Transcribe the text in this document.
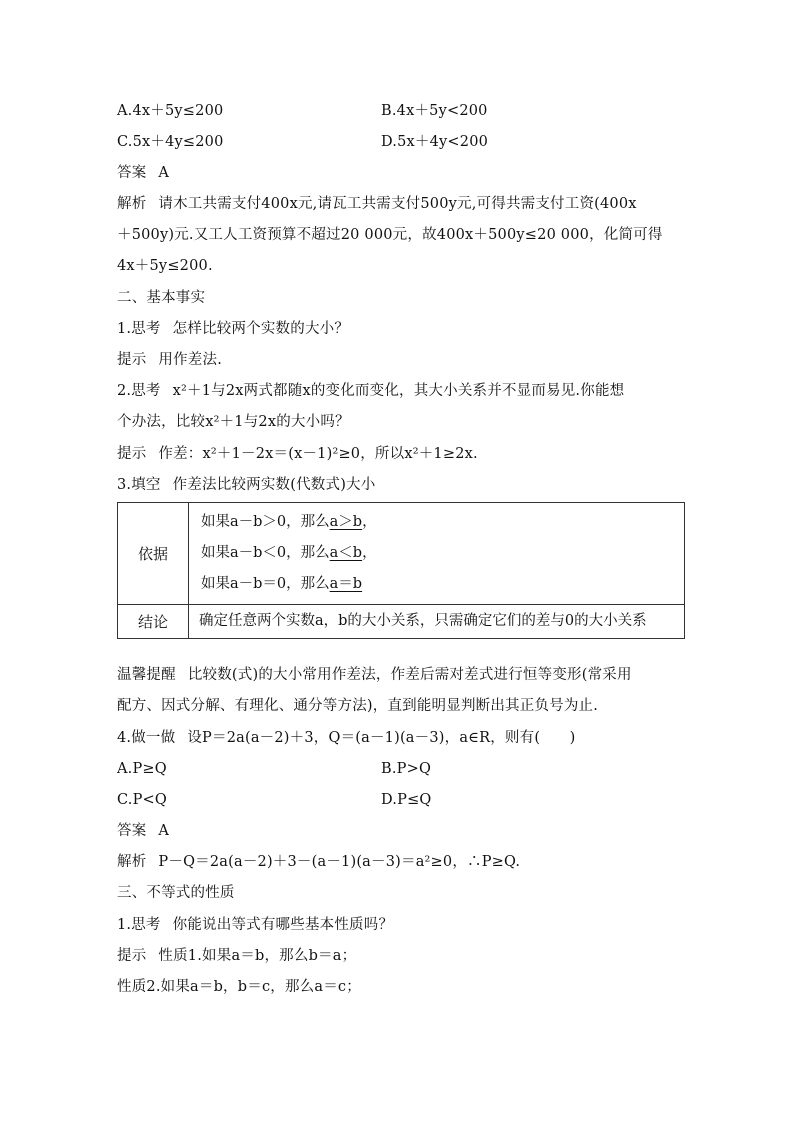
A.4x＋5y≤200	B.4x＋5y<200
C.5x＋4y≤200	D.5x＋4y<200
答案 A
解析 请木工共需支付400x元,请瓦工共需支付500y元,可得共需支付工资(400x
＋500y)元.又工人工资预算不超过20 000元，故400x＋500y≤20 000，化简可得
4x＋5y≤200.
二、基本事实
1.思考 怎样比较两个实数的大小？
提示 用作差法.
2.思考 x²＋1与2x两式都随x的变化而变化，其大小关系并不显而易见.你能想
个办法，比较x²＋1与2x的大小吗？
提示 作差：x²＋1－2x＝(x－1)²≥0，所以x²＋1≥2x.
3.填空 作差法比较两实数(代数式)大小
依据	如果a－b＞0，那么a＞b，
如果a－b＜0，那么a＜b，
如果a－b＝0，那么a＝b

结论	确定任意两个实数a，b的大小关系，只需确定它们的差与0的大小关系
温馨提醒 比较数(式)的大小常用作差法，作差后需对差式进行恒等变形(常采用
配方、因式分解、有理化、通分等方法)，直到能明显判断出其正负号为止.
4.做一做 设P＝2a(a－2)＋3，Q＝(a－1)(a－3)，a∈R，则有(　　)
A.P≥Q	B.P>Q
C.P<Q	D.P≤Q
答案 A
解析 P－Q＝2a(a－2)＋3－(a－1)(a－3)＝a²≥0，∴P≥Q.
三、不等式的性质
1.思考 你能说出等式有哪些基本性质吗？
提示 性质1.如果a＝b，那么b＝a；
性质2.如果a＝b，b＝c，那么a＝c；
